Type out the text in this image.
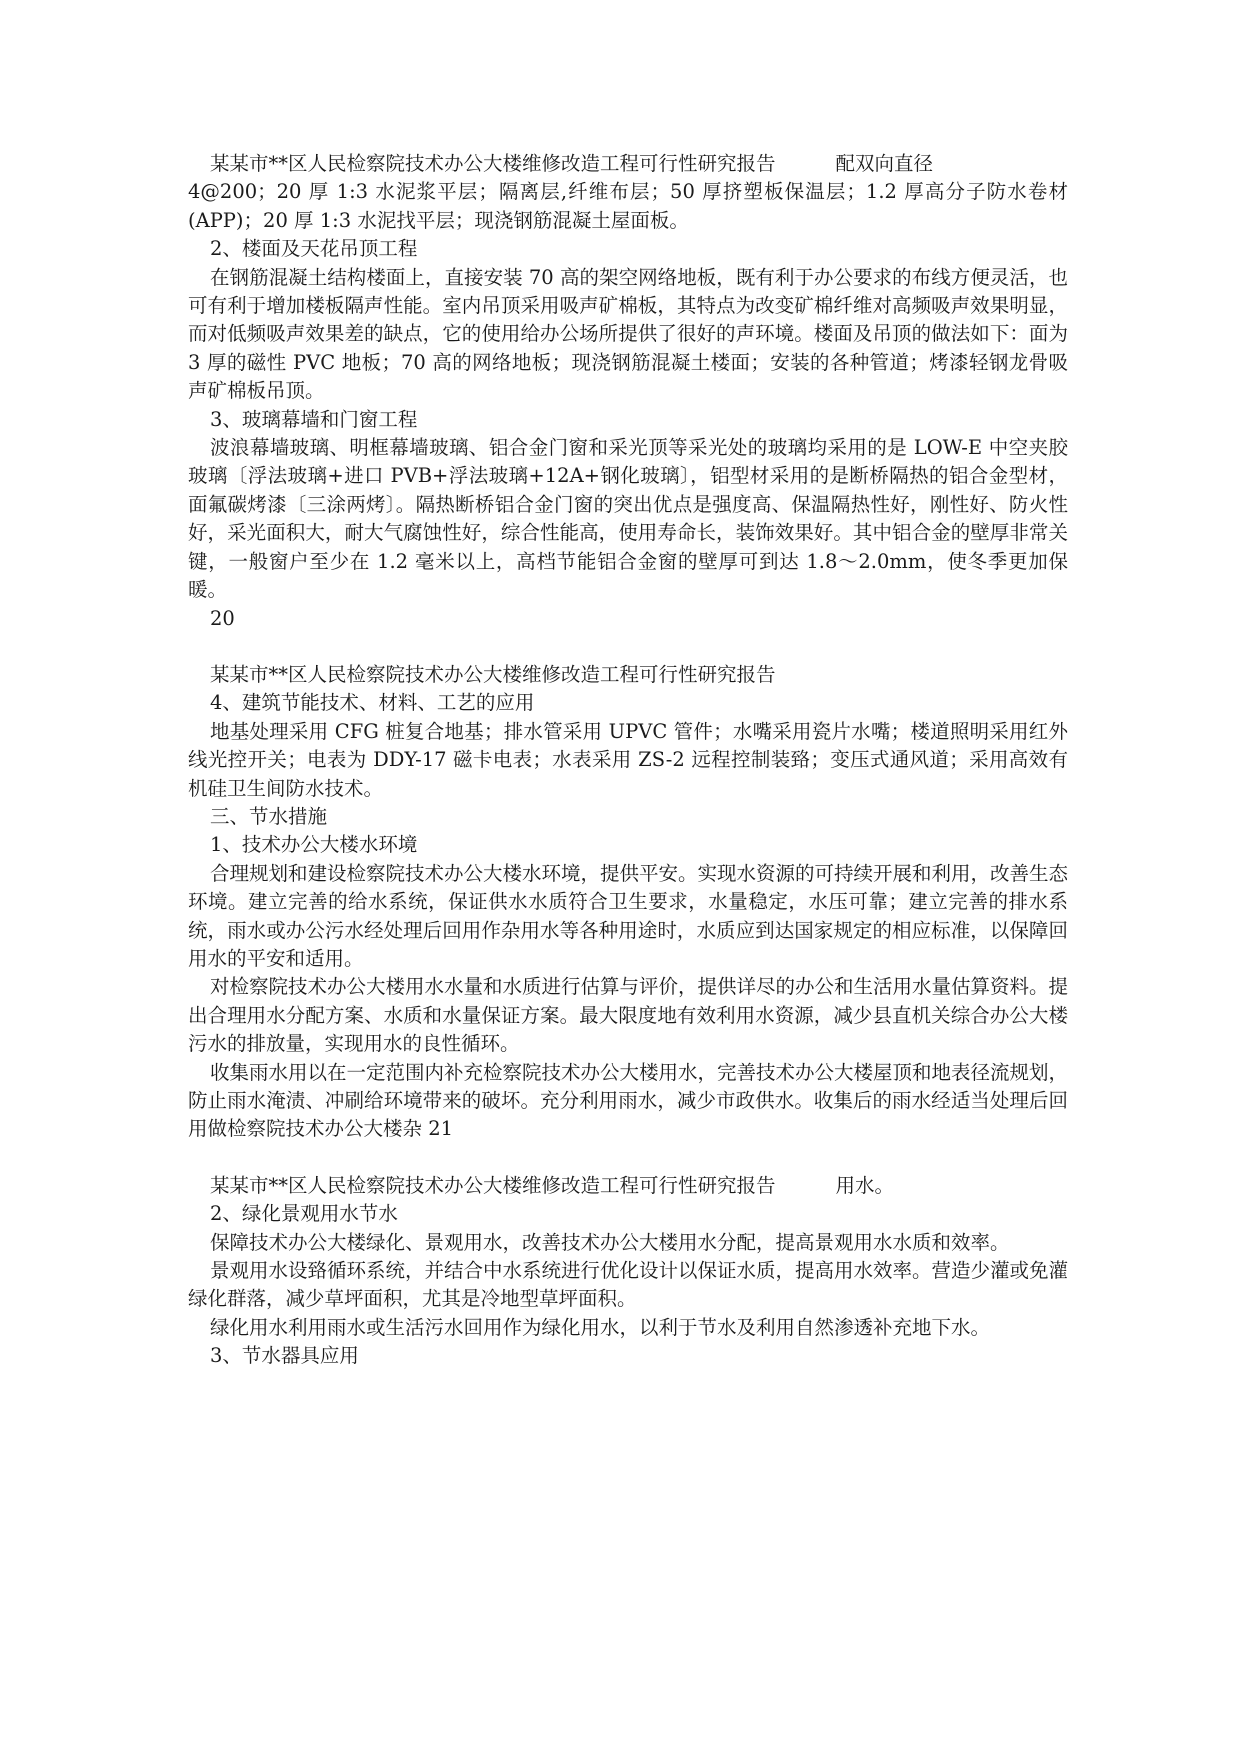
某某市**区人民检察院技术办公大楼维修改造工程可行性研究报告	配双向直径

4@200；20 厚 1:3 水泥浆平层；隔离层,纤维布层；50 厚挤塑板保温层；1.2 厚高分子防水卷材(APP)；20 厚 1:3 水泥找平层；现浇钢筋混凝土屋面板。

2、楼面及天花吊顶工程

在钢筋混凝土结构楼面上，直接安装 70 高的架空网络地板，既有利于办公要求的布线方便灵活，也可有利于增加楼板隔声性能。室内吊顶采用吸声矿棉板，其特点为改变矿棉纤维对高频吸声效果明显，而对低频吸声效果差的缺点，它的使用给办公场所提供了很好的声环境。楼面及吊顶的做法如下：面为 3 厚的磁性 PVC 地板；70 高的网络地板；现浇钢筋混凝土楼面；安装的各种管道；烤漆轻钢龙骨吸声矿棉板吊顶。

3、玻璃幕墙和门窗工程

波浪幕墙玻璃、明框幕墙玻璃、铝合金门窗和采光顶等采光处的玻璃均采用的是 LOW-E 中空夹胶玻璃〔浮法玻璃+进口 PVB+浮法玻璃+12A+钢化玻璃〕，铝型材采用的是断桥隔热的铝合金型材，面氟碳烤漆〔三涂两烤〕。隔热断桥铝合金门窗的突出优点是强度高、保温隔热性好，刚性好、防火性好，采光面积大，耐大气腐蚀性好，综合性能高，使用寿命长，装饰效果好。其中铝合金的壁厚非常关键，一般窗户至少在 1.2 毫米以上，高档节能铝合金窗的壁厚可到达 1.8～2.0mm，使冬季更加保暖。

20

某某市**区人民检察院技术办公大楼维修改造工程可行性研究报告

4、建筑节能技术、材料、工艺的应用

地基处理采用 CFG 桩复合地基；排水管采用 UPVC 管件；水嘴采用瓷片水嘴；楼道照明采用红外线光控开关；电表为 DDY-17 磁卡电表；水表采用 ZS-2 远程控制装臵；变压式通风道；采用高效有机硅卫生间防水技术。

三、节水措施

1、技术办公大楼水环境

合理规划和建设检察院技术办公大楼水环境，提供平安。实现水资源的可持续开展和利用，改善生态环境。建立完善的给水系统，保证供水水质符合卫生要求，水量稳定，水压可靠；建立完善的排水系统，雨水或办公污水经处理后回用作杂用水等各种用途时，水质应到达国家规定的相应标准，以保障回用水的平安和适用。

对检察院技术办公大楼用水水量和水质进行估算与评价，提供详尽的办公和生活用水量估算资料。提出合理用水分配方案、水质和水量保证方案。最大限度地有效利用水资源，减少县直机关综合办公大楼污水的排放量，实现用水的良性循环。

收集雨水用以在一定范围内补充检察院技术办公大楼用水，完善技术办公大楼屋顶和地表径流规划，防止雨水淹渍、冲刷给环境带来的破坏。充分利用雨水，减少市政供水。收集后的雨水经适当处理后回用做检察院技术办公大楼杂 21

某某市**区人民检察院技术办公大楼维修改造工程可行性研究报告	用水。

2、绿化景观用水节水

保障技术办公大楼绿化、景观用水，改善技术办公大楼用水分配，提高景观用水水质和效率。

景观用水设臵循环系统，并结合中水系统进行优化设计以保证水质，提高用水效率。营造少灌或免灌绿化群落，减少草坪面积，尤其是冷地型草坪面积。

绿化用水利用雨水或生活污水回用作为绿化用水，以利于节水及利用自然渗透补充地下水。

3、节水器具应用
